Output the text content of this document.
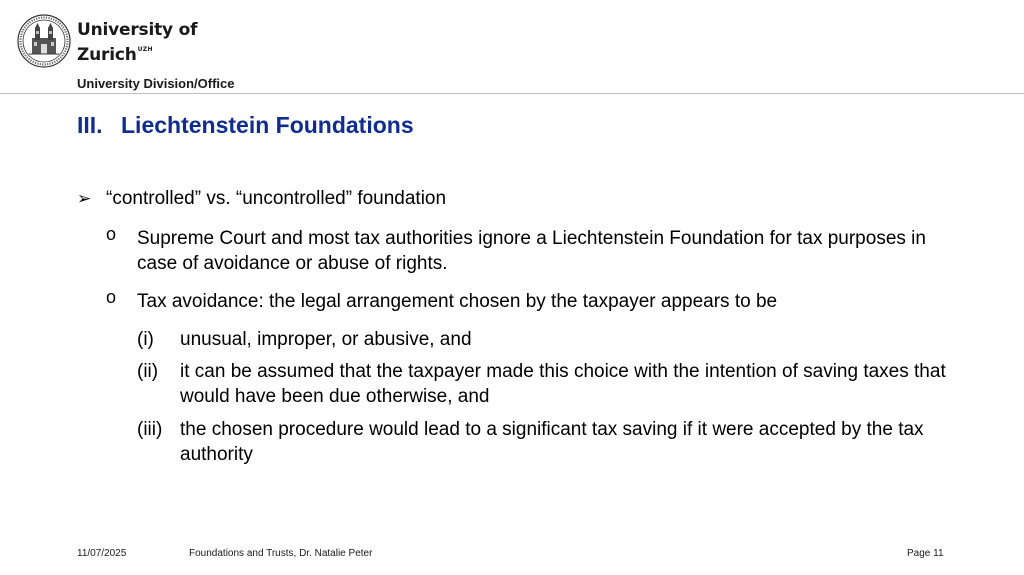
University of
Zurich$^{UZH}$
University Division/Office
III. Liechtenstein Foundations
➢ “controlled” vs. “uncontrolled” foundation
o Supreme Court and most tax authorities ignore a Liechtenstein Foundation for tax purposes in case of avoidance or abuse of rights.
o Tax avoidance: the legal arrangement chosen by the taxpayer appears to be
(i) unusual, improper, or abusive, and
(ii) it can be assumed that the taxpayer made this choice with the intention of saving taxes that would have been due otherwise, and
(iii) the chosen procedure would lead to a significant tax saving if it were accepted by the tax authority
11/07/2025	Foundations and Trusts, Dr. Natalie Peter	Page 11
